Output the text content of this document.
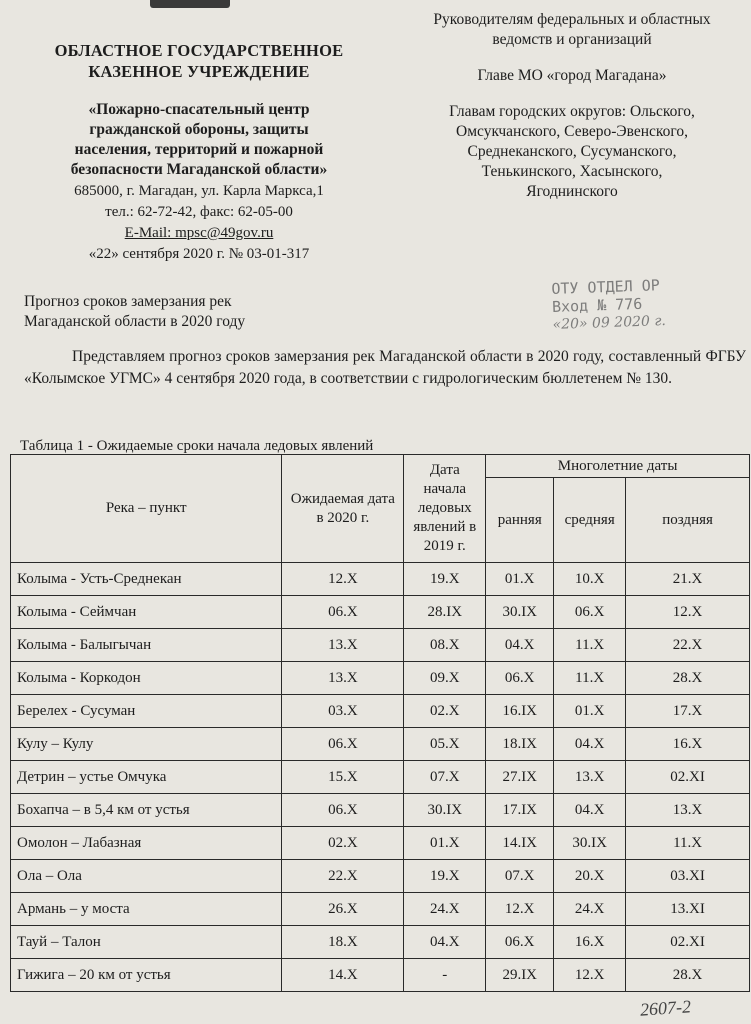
ОБЛАСТНОЕ ГОСУДАРСТВЕННОЕ
КАЗЕННОЕ УЧРЕЖДЕНИЕ
«Пожарно-спасательный центр
гражданской обороны, защиты
населения, территорий и пожарной
безопасности Магаданской области»
685000, г. Магадан, ул. Карла Маркса,1
тел.: 62-72-42, факс: 62-05-00
E-Mail: mpsc@49gov.ru
«22» сентября 2020 г. № 03-01-317
Руководителям федеральных и областных
ведомств и организаций
Главе МО «город Магадана»
Главам городских округов: Ольского,
Омсукчанского, Северо-Эвенского,
Среднеканского, Сусуманского,
Тенькинского, Хасынского,
Ягоднинского
ОТУ ОТДЕЛ ОР
Вход № 776
«20» 09 2020 г.
Прогноз сроков замерзания рек
Магаданской области в 2020 году
Представляем прогноз сроков замерзания рек Магаданской области в 2020 году, составленный ФГБУ «Колымское УГМС» 4 сентября 2020 года, в соответствии с гидрологическим бюллетенем № 130.
Таблица 1 - Ожидаемые сроки начала ледовых явлений
Река – пункт	Ожидаемая дата в 2020 г.	Дата начала ледовых явлений в 2019 г.	Многолетние даты		
			ранняя	средняя	поздняя
Колыма - Усть-Среднекан	12.X	19.X	01.X	10.X	21.X
Колыма - Сеймчан	06.X	28.IX	30.IX	06.X	12.X
Колыма - Балыгычан	13.X	08.X	04.X	11.X	22.X
Колыма - Коркодон	13.X	09.X	06.X	11.X	28.X
Берелех - Сусуман	03.X	02.X	16.IX	01.X	17.X
Кулу – Кулу	06.X	05.X	18.IX	04.X	16.X
Детрин – устье Омчука	15.X	07.X	27.IX	13.X	02.XI
Бохапча – в 5,4 км от устья	06.X	30.IX	17.IX	04.X	13.X
Омолон – Лабазная	02.X	01.X	14.IX	30.IX	11.X
Ола – Ола	22.X	19.X	07.X	20.X	03.XI
Армань – у моста	26.X	24.X	12.X	24.X	13.XI
Тауй – Талон	18.X	04.X	06.X	16.X	02.XI
Гижига – 20 км от устья	14.X	-	29.IX	12.X	28.X
2607-2
